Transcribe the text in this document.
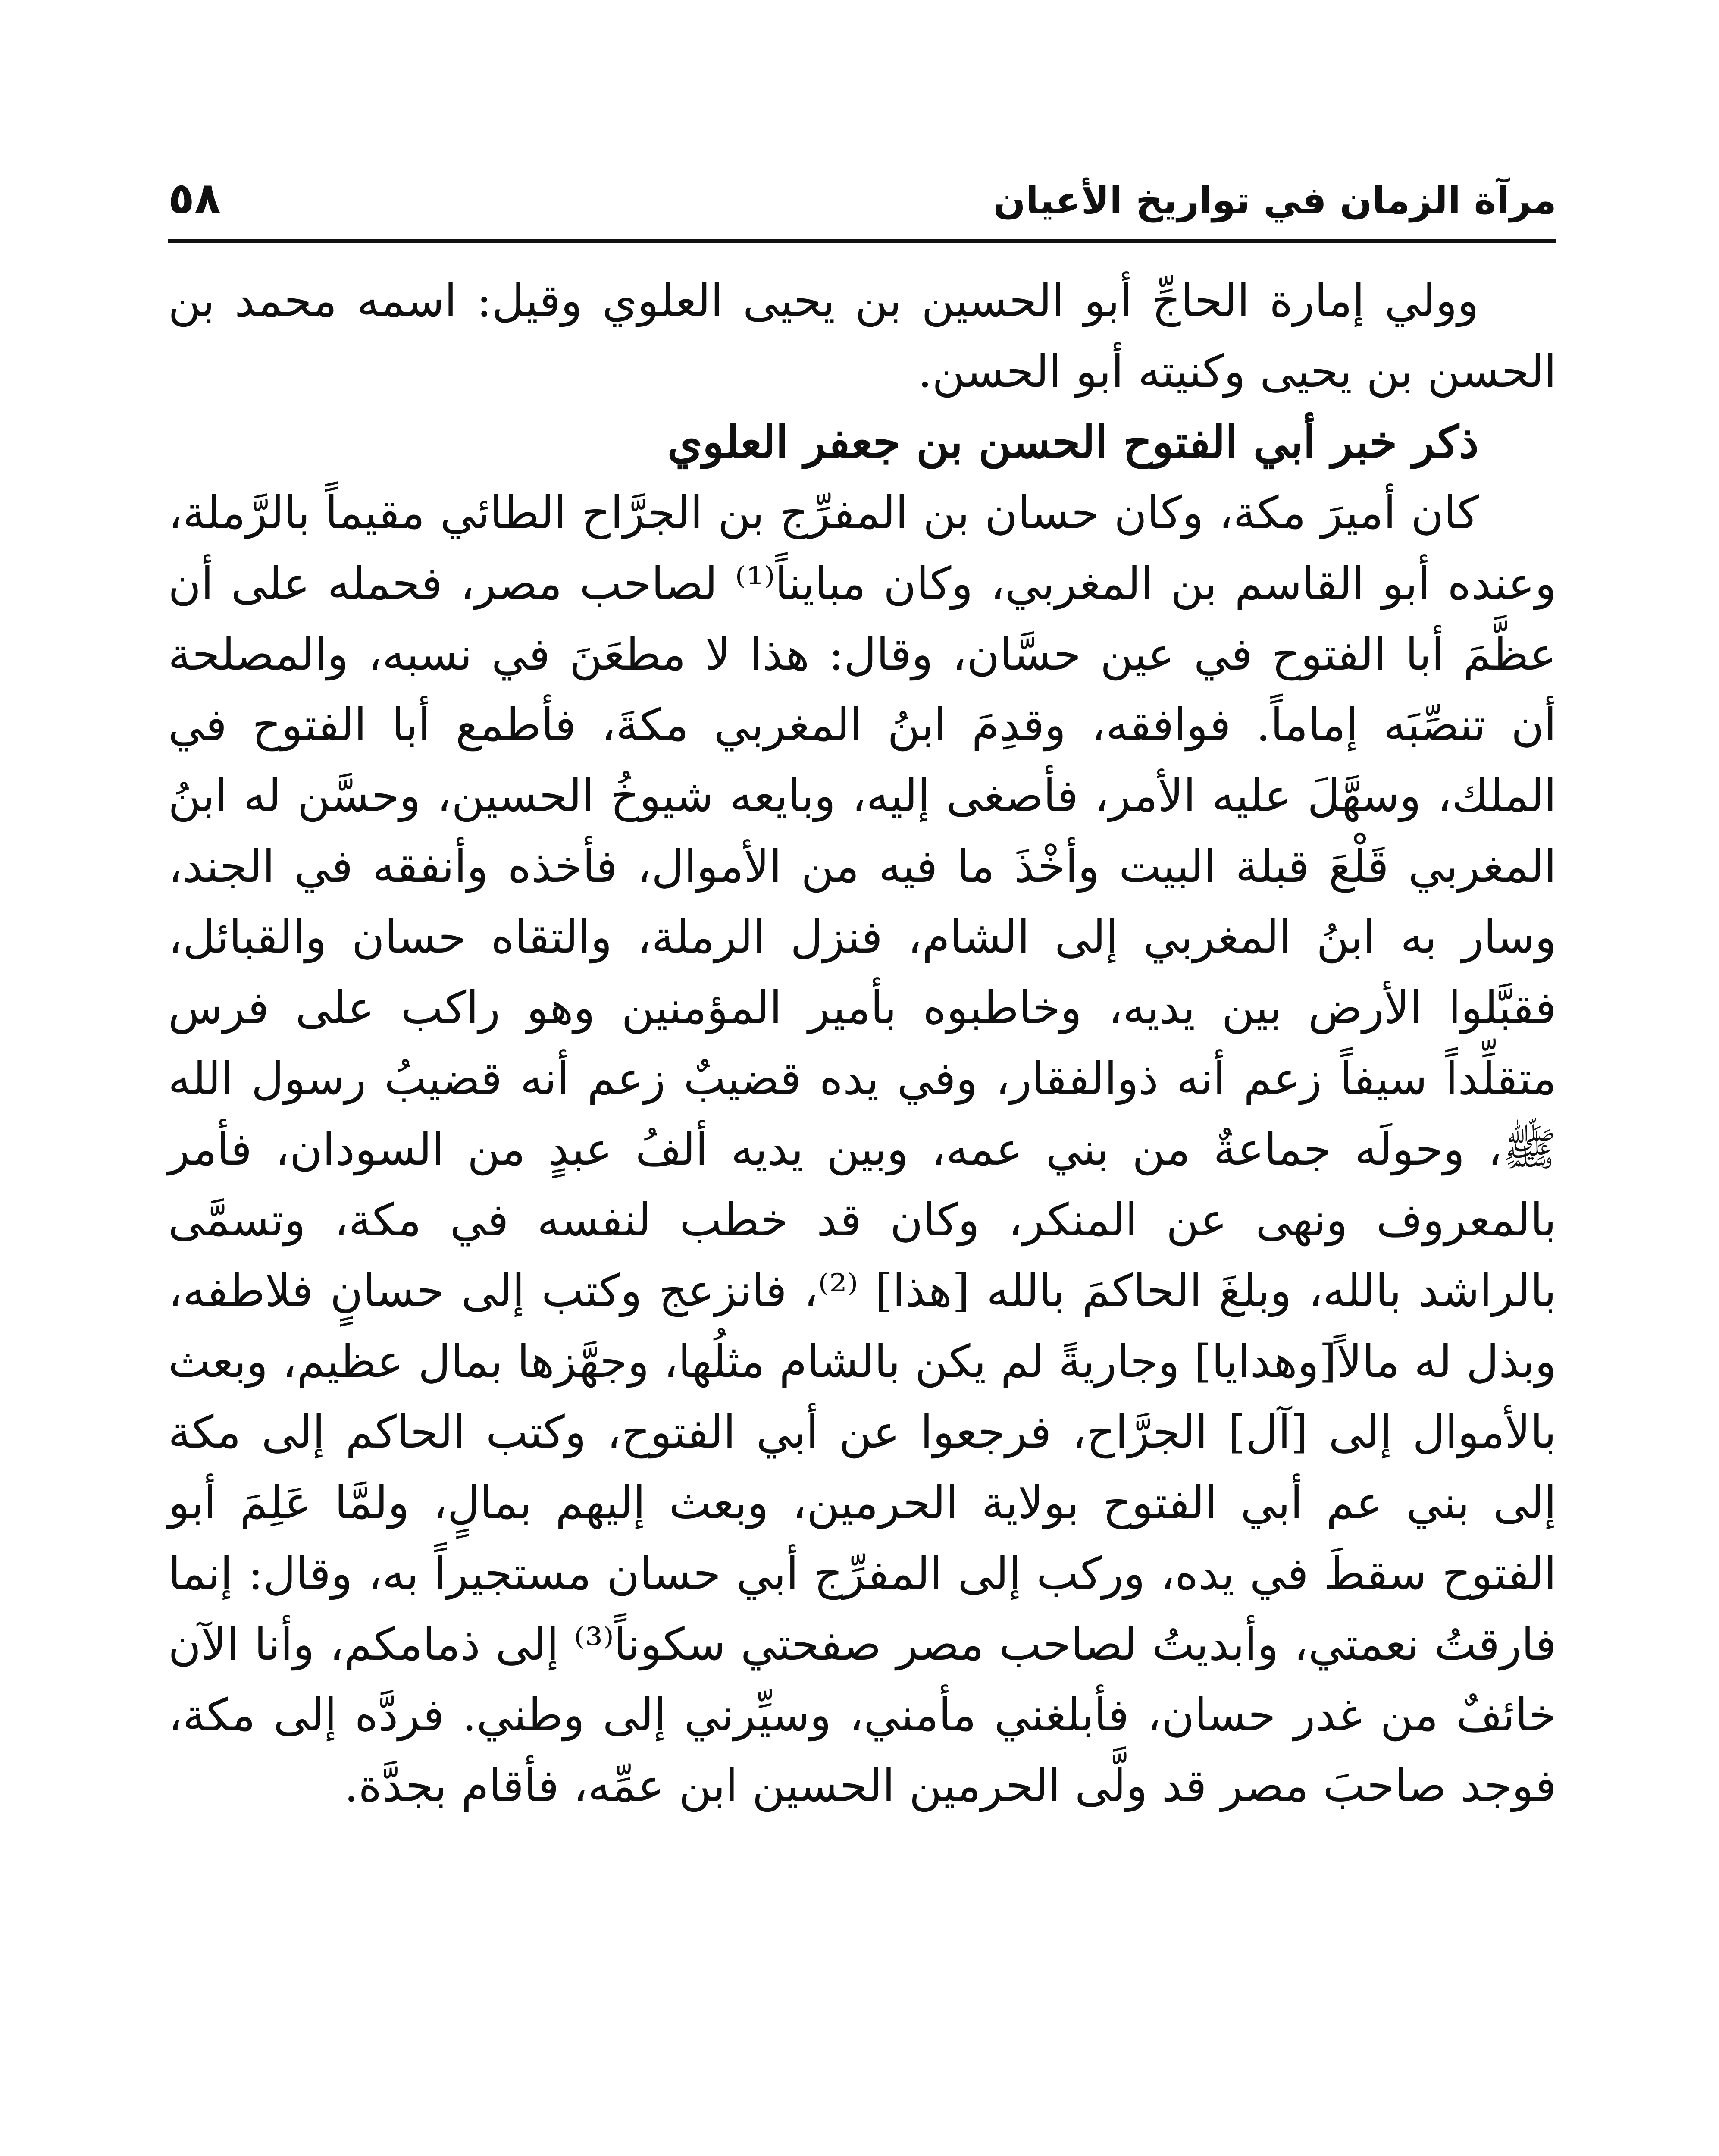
مرآة الزمان في تواريخ الأعيان
٥٨

وولي إمارة الحاجِّ أبو الحسين بن يحيى العلوي وقيل: اسمه محمد بن الحسن بن يحيى وكنيته أبو الحسن.

ذكر خبر أبي الفتوح الحسن بن جعفر العلوي

كان أميرَ مكة، وكان حسان بن المفرِّج بن الجرَّاح الطائي مقيماً بالرَّملة، وعنده أبو القاسم بن المغربي، وكان مبايناً⁽¹⁾ لصاحب مصر، فحمله على أن عظَّمَ أبا الفتوح في عين حسَّان، وقال: هذا لا مطعَنَ في نسبه، والمصلحة أن تنصِّبَه إماماً. فوافقه، وقدِمَ ابنُ المغربي مكةَ، فأطمع أبا الفتوح في الملك، وسهَّلَ عليه الأمر، فأصغى إليه، وبايعه شيوخُ الحسين، وحسَّن له ابنُ المغربي قَلْعَ قبلة البيت وأخْذَ ما فيه من الأموال، فأخذه وأنفقه في الجند، وسار به ابنُ المغربي إلى الشام، فنزل الرملة، والتقاه حسان والقبائل، فقبَّلوا الأرض بين يديه، وخاطبوه بأمير المؤمنين وهو راكب على فرس متقلِّداً سيفاً زعم أنه ذوالفقار، وفي يده قضيبٌ زعم أنه قضيبُ رسول الله ﷺ، وحولَه جماعةٌ من بني عمه، وبين يديه ألفُ عبدٍ من السودان، فأمر بالمعروف ونهى عن المنكر، وكان قد خطب لنفسه في مكة، وتسمَّى بالراشد بالله، وبلغَ الحاكمَ بالله [هذا] ⁽²⁾، فانزعج وكتب إلى حسانٍ فلاطفه، وبذل له مالاً[وهدايا] وجاريةً لم يكن بالشام مثلُها، وجهَّزها بمال عظيم، وبعث بالأموال إلى [آل] الجرَّاح، فرجعوا عن أبي الفتوح، وكتب الحاكم إلى مكة إلى بني عم أبي الفتوح بولاية الحرمين، وبعث إليهم بمالٍ، ولمَّا عَلِمَ أبو الفتوح سقطَ في يده، وركب إلى المفرِّج أبي حسان مستجيراً به، وقال: إنما فارقتُ نعمتي، وأبديتُ لصاحب مصر صفحتي سكوناً⁽³⁾ إلى ذمامكم، وأنا الآن خائفٌ من غدر حسان، فأبلغني مأمني، وسيِّرني إلى وطني. فردَّه إلى مكة، فوجد صاحبَ مصر قد ولَّى الحرمين الحسين ابن عمِّه، فأقام بجدَّة.
